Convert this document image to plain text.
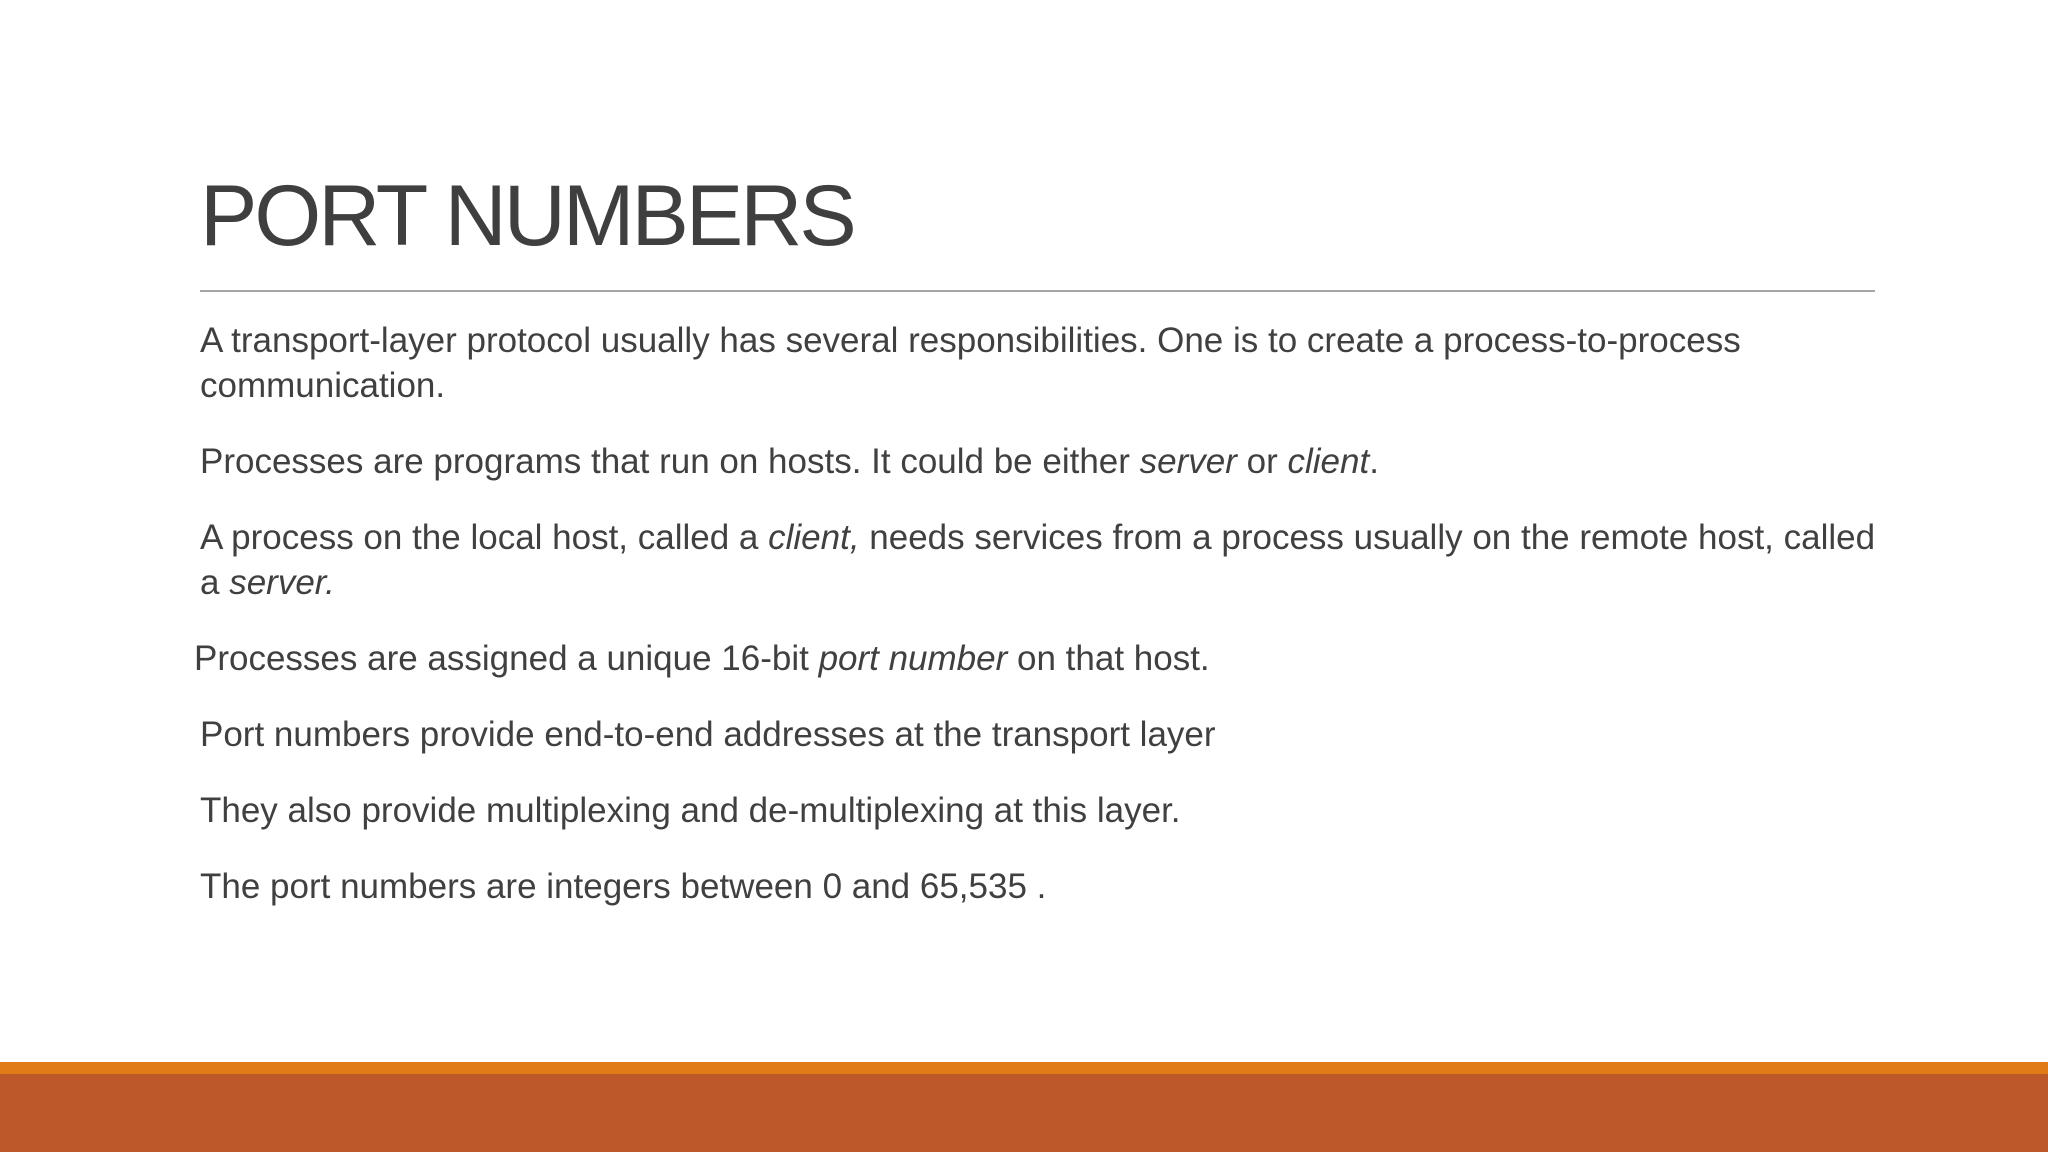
PORT NUMBERS

A transport-layer protocol usually has several responsibilities. One is to create a process-to-process communication.

Processes are programs that run on hosts. It could be either server or client.

A process on the local host, called a client, needs services from a process usually on the remote host, called a server.

Processes are assigned a unique 16-bit port number on that host.

Port numbers provide end-to-end addresses at the transport layer

They also provide multiplexing and de-multiplexing at this layer.

The port numbers are integers between 0 and 65,535 .
